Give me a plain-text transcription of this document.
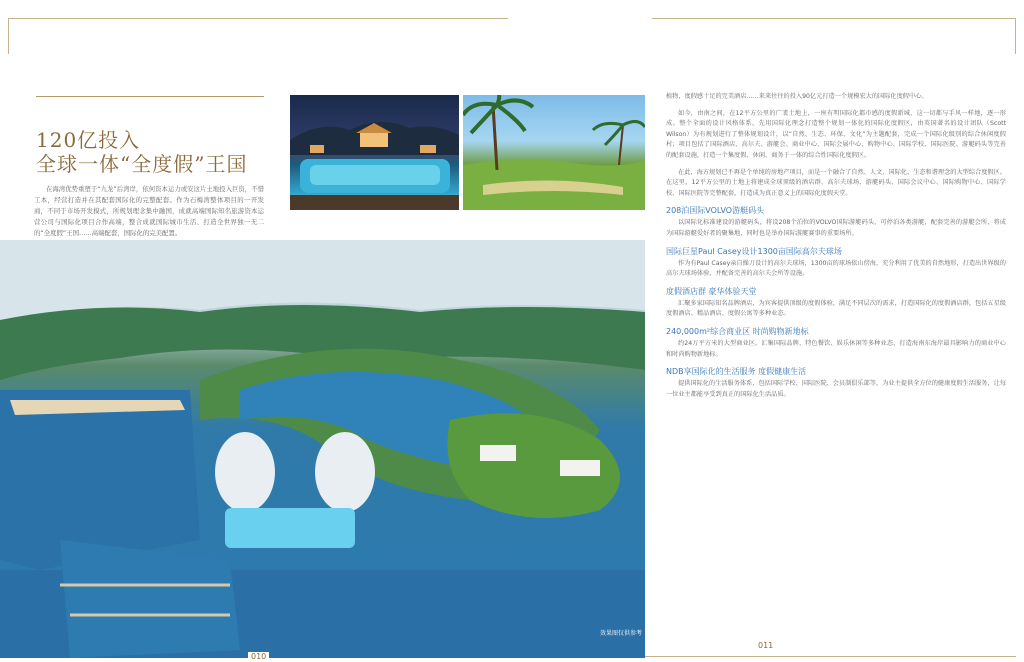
120亿投入
全球一体“全度假”王国
在海湾优势重塑于“九龙”后湾岸，依何资本运力或安这片土地投入巨资，不惜工本，经营打造并在其配套国际化的完整配套。作为石梅湾整体项目的一开发商，不同于市场开发模式，所规划理念集中融国，成就高端国际知名旅游资本运营公司与国际化项目合作高端，整合成就国际城市生活、打造全世界独一无二的“全度假”王国……高端配套，国际化的完美配置。
效果图仅供参考
010
011

植物，度假感十足的完美酒店……来来往往的投入90亿元打造一个规模宏大的国际化度假中心。

如今，由南之间，在12平方公里的广袤土地上，一座有明国际化都市感的度假新城，这一切都与手风一样地，逐一形成。整个全面的设计风格体系，先用国际化理念打造整个规划一体化的国际化度假区，由英国著名的设计团队（Scott Wilson）为有规划进行了整体规划设计，以“自然、生态、环保、文化”为主题配套，完成一个国际化级别的综合休闲度假村；项目包括了国际酒店、高尔夫、游艇会、商业中心、国际会展中心、购物中心、国际学校、国际医院、游艇码头等完善的配套设施，打造一个集度假、休闲、商务于一体的综合性国际化度假区。

在此，海方规划已不再是个单纯的房地产项目，而是一个融合了自然、人文、国际化、生态和谐理念的大型综合度假区。在这里，12平方公里的土地上将建成全球顶级的酒店群、高尔夫球场、游艇码头、国际会议中心、国际购物中心、国际学校、国际医院等完整配套，打造成为真正意义上的国际化度假天堂。

208泊国际VOLVO游艇码头

以国际化标准建设的游艇码头，将设208个泊位的VOLVO国际游艇码头，可停泊各类游艇，配套完善的游艇会所，将成为国际游艇爱好者的聚集地，同时也是举办国际游艇赛事的重要场所。

国际巨星Paul Casey设计1300亩国际高尔夫球场

作为有Paul Casey亲自操刀设计的高尔夫球场，1300亩的球场依山傍海，充分利用了优美的自然地形，打造出世界级的高尔夫球场体验，并配备完善的高尔夫会所等设施。

度假酒店群 豪华体验天堂

汇聚多家国际知名品牌酒店，为宾客提供顶级的度假体验，满足不同层次的需求，打造国际化的度假酒店群，包括五星级度假酒店、精品酒店、度假公寓等多种业态。

240,000m²综合商业区 时尚购物新地标

约24万平方米的大型商业区，汇集国际品牌、特色餐饮、娱乐休闲等多种业态，打造海南东海岸最具影响力的商业中心和时尚购物新地标。

NDB享国际化的生活服务 度假健康生活

提供国际化的生活服务体系，包括国际学校、国际医院、会员制俱乐部等，为业主提供全方位的健康度假生活服务，让每一位业主都能享受到真正的国际化生活品质。
